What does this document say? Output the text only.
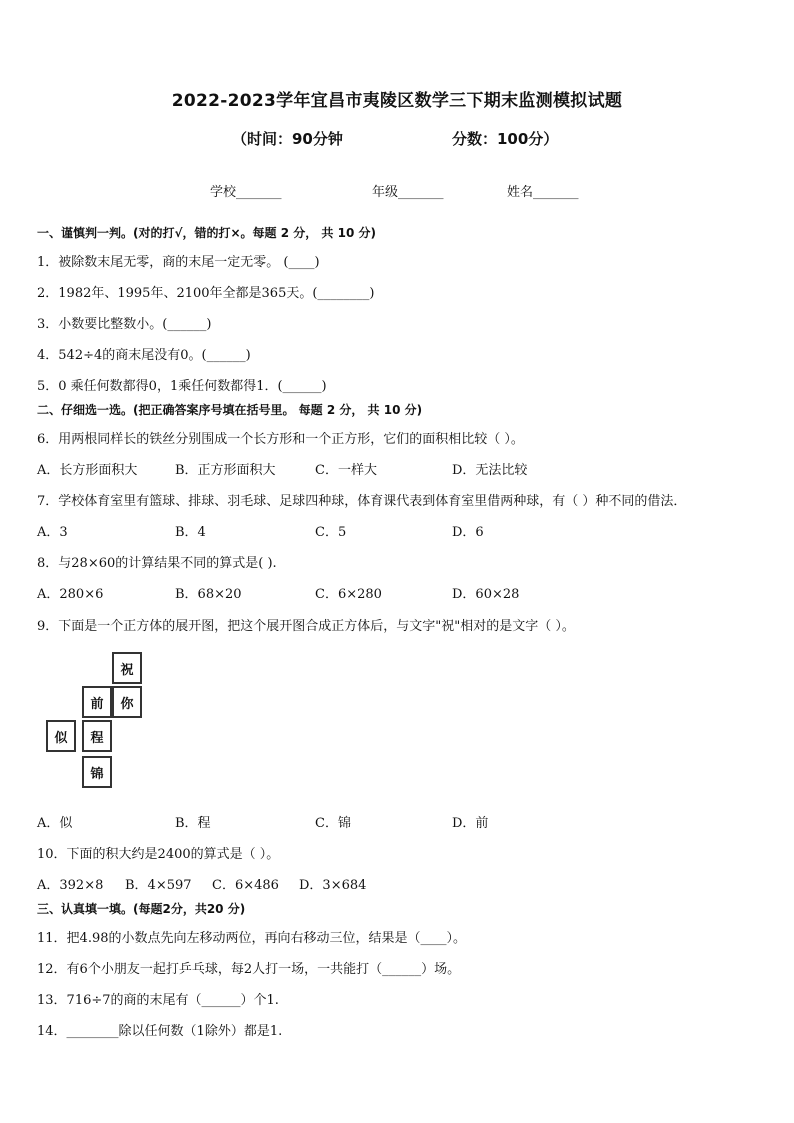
2022-2023学年宜昌市夷陵区数学三下期末监测模拟试题
（时间：90分钟	分数：100分）
学校_______	年级_______	姓名_______
一、谨慎判一判。(对的打√，错的打×。每题 2 分， 共 10 分)
1．被除数末尾无零，商的末尾一定无零。 (____)
2．1982年、1995年、2100年全都是365天。(________)
3．小数要比整数小。(______)
4．542÷4的商末尾没有0。(______)
5．0 乘任何数都得0，1乘任何数都得1．(______)
二、仔细选一选。(把正确答案序号填在括号里。 每题 2 分， 共 10 分)
6．用两根同样长的铁丝分别围成一个长方形和一个正方形，它们的面积相比较（ ）。
A．长方形面积大	B．正方形面积大	C．一样大	D．无法比较
7．学校体育室里有篮球、排球、羽毛球、足球四种球，体育课代表到体育室里借两种球，有（ ）种不同的借法．
A．3	B．4	C．5	D．6
8．与28×60的计算结果不同的算式是( ).
A．280×6	B．68×20	C．6×280	D．60×28
9．下面是一个正方体的展开图，把这个展开图合成正方体后，与文字"祝"相对的是文字（ ）。
祝
前	你
似	程
锦
A．似	B．程	C．锦	D．前
10．下面的积大约是2400的算式是（ ）。
A．392×8 B．4×597 C．6×486 D．3×684
三、认真填一填。(每题2分，共20 分)
11．把4.98的小数点先向左移动两位，再向右移动三位，结果是（____）。
12．有6个小朋友一起打乒乓球，每2人打一场，一共能打（______）场。
13．716÷7的商的末尾有（______）个1.
14．________除以任何数（1除外）都是1.
